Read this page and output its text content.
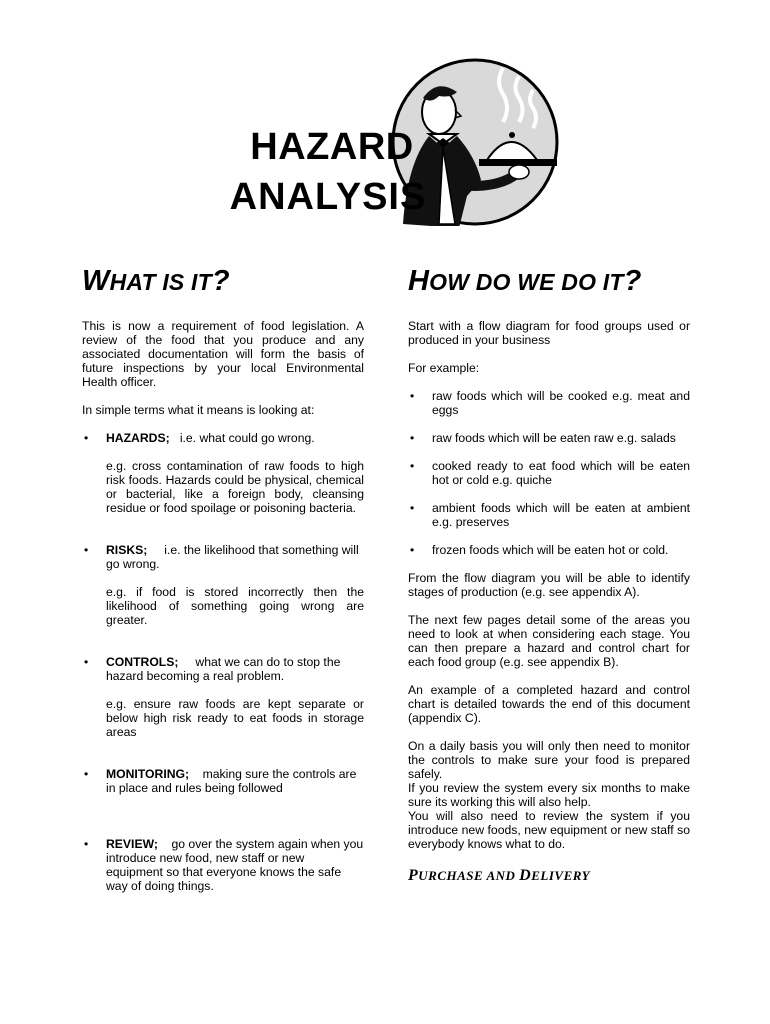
HAZARD
ANALYSIS
WHAT IS IT?

This is now a requirement of food legislation. A review of the food that you produce and any associated documentation will form the basis of future inspections by your local Environmental Health officer.

In simple terms what it means is looking at:

•	HAZARDS; i.e. what could go wrong.

e.g. cross contamination of raw foods to high risk foods. Hazards could be physical, chemical or bacterial, like a foreign body, cleansing residue or food spoilage or poisoning bacteria.

•	RISKS; i.e. the likelihood that something will go wrong.

e.g. if food is stored incorrectly then the likelihood of something going wrong are greater.

•	CONTROLS; what we can do to stop the hazard becoming a real problem.

e.g. ensure raw foods are kept separate or below high risk ready to eat foods in storage areas

•	MONITORING; making sure the controls are in place and rules being followed
•	REVIEW; go over the system again when you introduce new food, new staff or new equipment so that everyone knows the safe way of doing things.
HOW DO WE DO IT?

Start with a flow diagram for food groups used or produced in your business

For example:

•	raw foods which will be cooked e.g. meat and eggs

•	raw foods which will be eaten raw e.g. salads

•	cooked ready to eat food which will be eaten hot or cold e.g. quiche

•	ambient foods which will be eaten at ambient e.g. preserves

•	frozen foods which will be eaten hot or cold.

From the flow diagram you will be able to identify stages of production (e.g. see appendix A).

The next few pages detail some of the areas you need to look at when considering each stage. You can then prepare a hazard and control chart for each food group (e.g. see appendix B).

An example of a completed hazard and control chart is detailed towards the end of this document (appendix C).

On a daily basis you will only then need to monitor the controls to make sure your food is prepared safely.

If you review the system every six months to make sure its working this will also help.

You will also need to review the system if you introduce new foods, new equipment or new staff so everybody knows what to do.

PURCHASE AND DELIVERY
